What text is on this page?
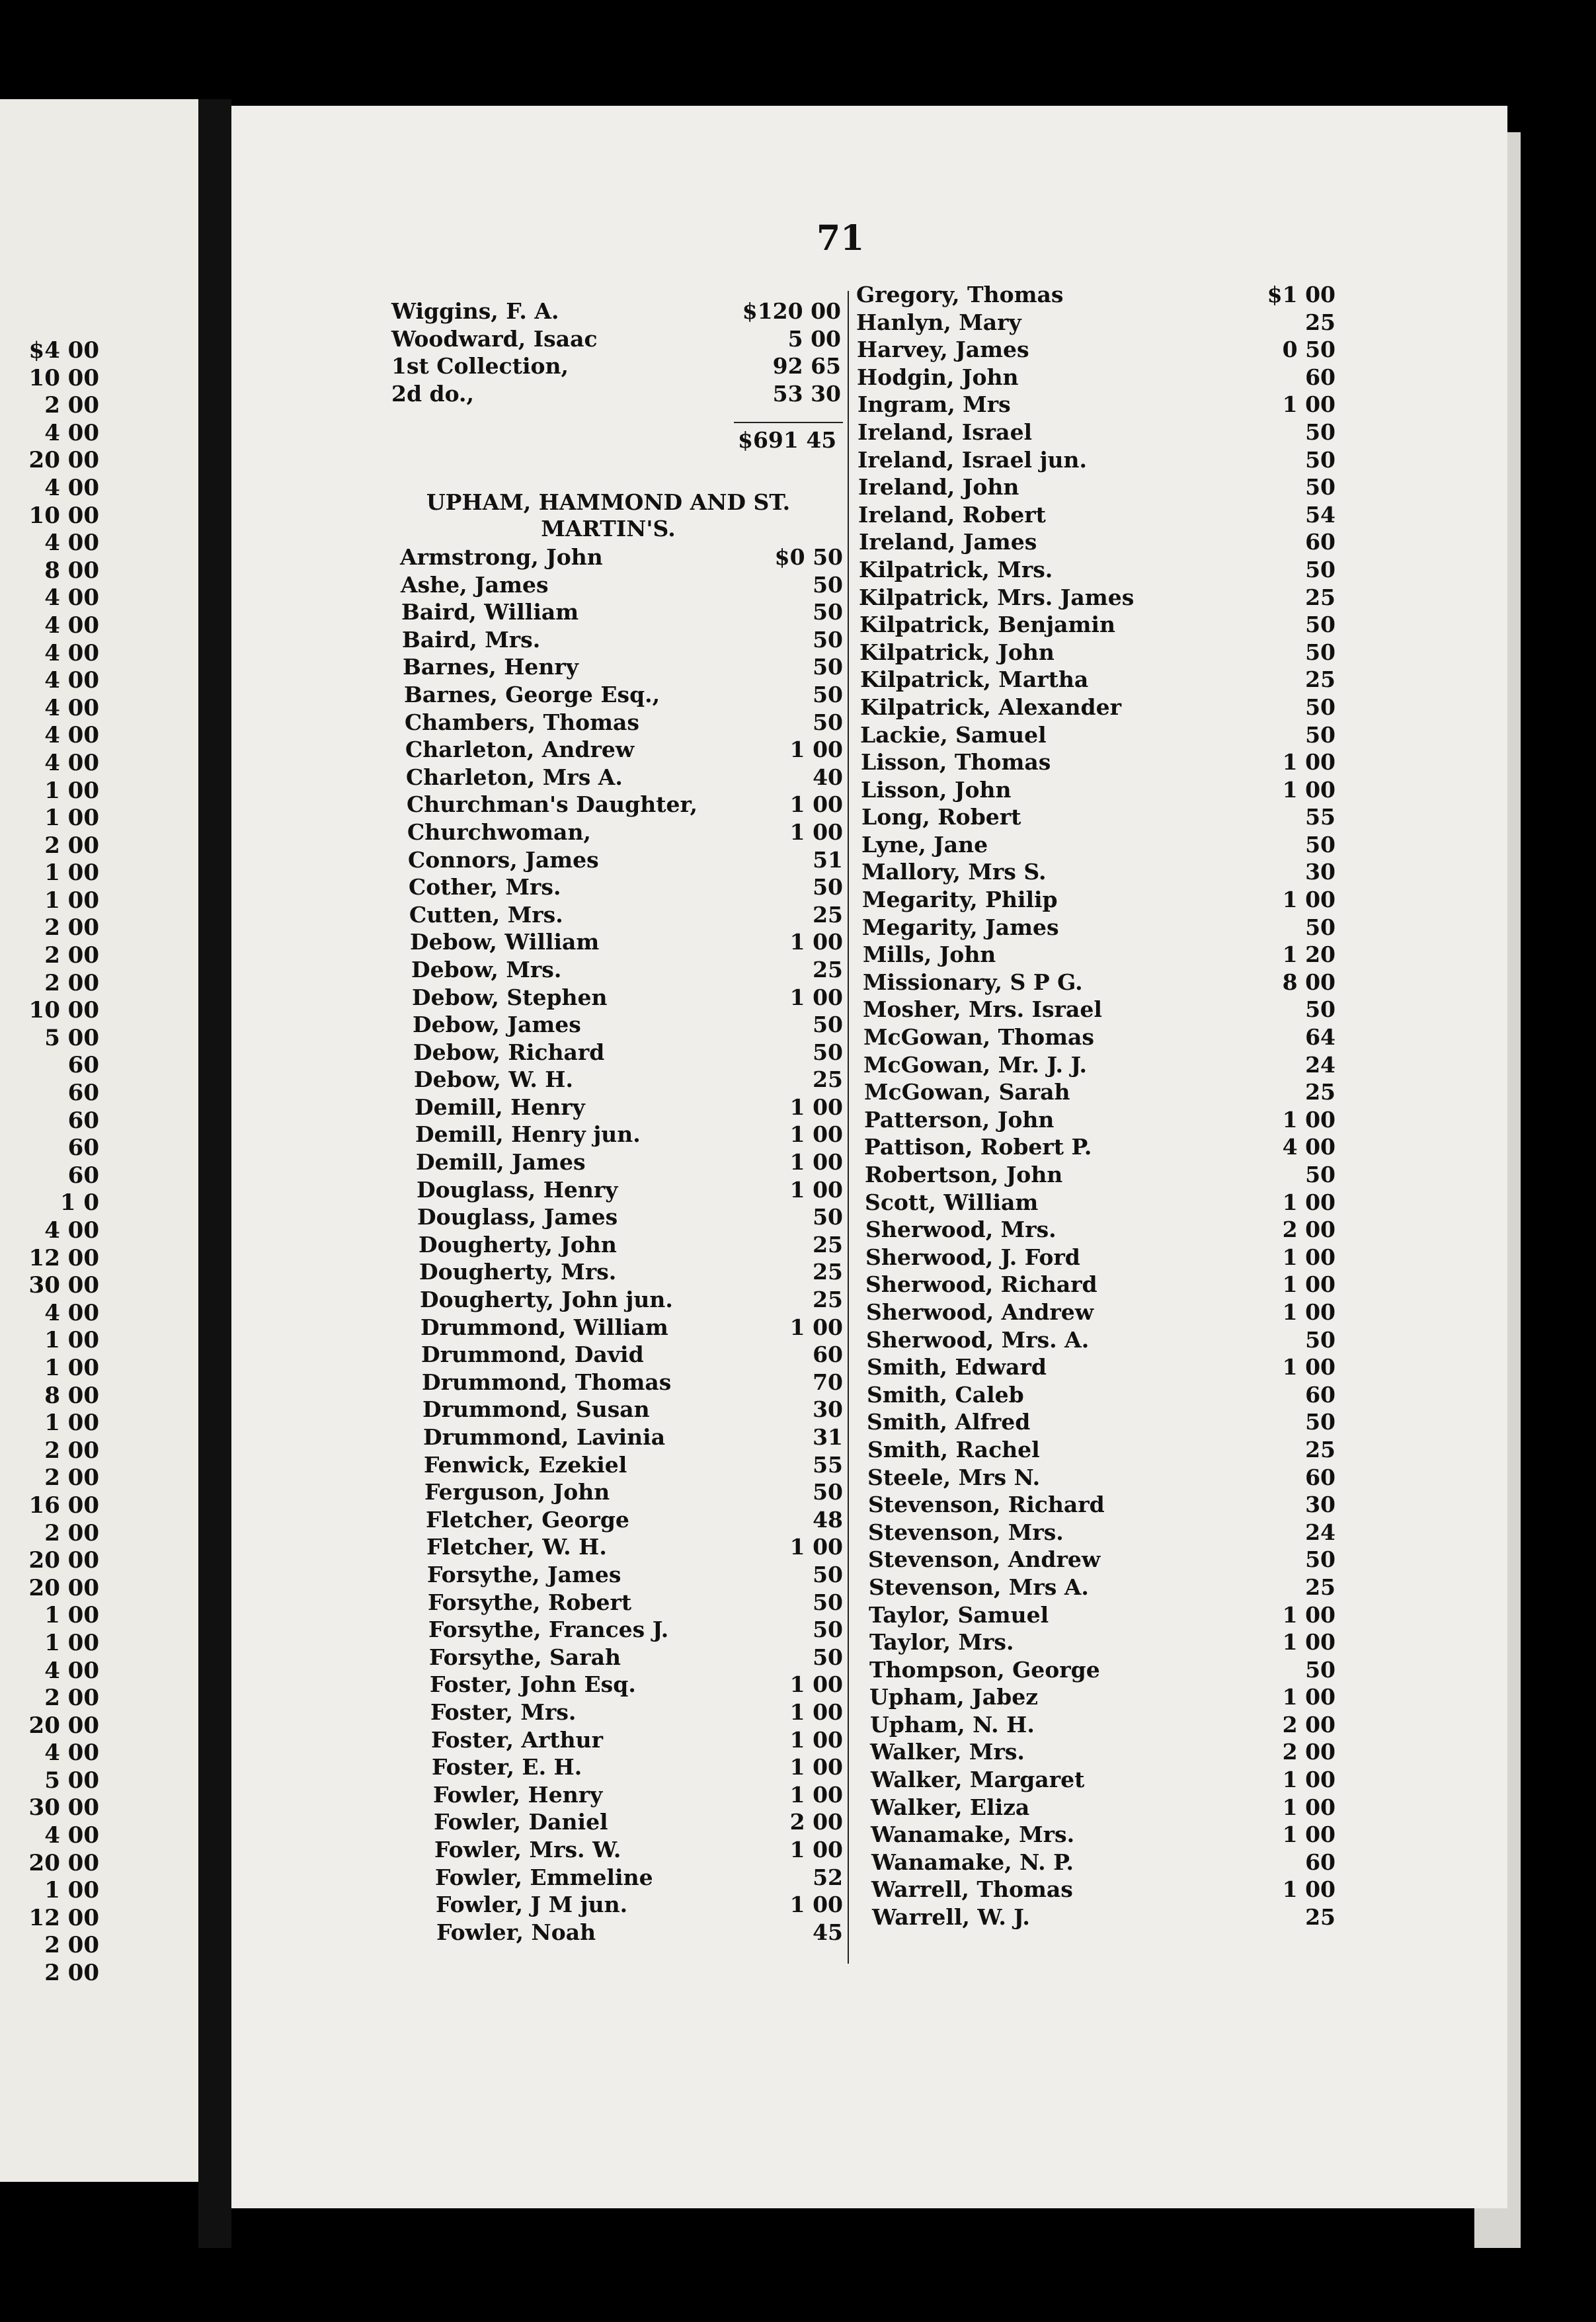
$4 00
10 00
2 00
4 00
20 00
4 00
10 00
4 00
8 00
4 00
4 00
4 00
4 00
4 00
4 00
4 00
1 00
1 00
2 00
1 00
1 00
2 00
2 00
2 00
10 00
5 00
60
60
60
60
60
1 0
4 00
12 00
30 00
4 00
1 00
1 00
8 00
1 00
2 00
2 00
16 00
2 00
20 00
20 00
1 00
1 00
4 00
2 00
20 00
4 00
5 00
30 00
4 00
20 00
1 00
12 00
2 00
2 00
71
Wiggins, F. A.	$120 00
Woodward, Isaac	5 00
1st Collection,	92 65
2d do.,	53 30
$691 45
UPHAM, HAMMOND AND ST. MARTIN'S.
Armstrong, John	$0 50
Ashe, James	50
Baird, William	50
Baird, Mrs.	50
Barnes, Henry	50
Barnes, George Esq.,	50
Chambers, Thomas	50
Charleton, Andrew	1 00
Charleton, Mrs A.	40
Churchman's Daughter,	1 00
Churchwoman,	1 00
Connors, James	51
Cother, Mrs.	50
Cutten, Mrs.	25
Debow, William	1 00
Debow, Mrs.	25
Debow, Stephen	1 00
Debow, James	50
Debow, Richard	50
Debow, W. H.	25
Demill, Henry	1 00
Demill, Henry jun.	1 00
Demill, James	1 00
Douglass, Henry	1 00
Douglass, James	50
Dougherty, John	25
Dougherty, Mrs.	25
Dougherty, John jun.	25
Drummond, William	1 00
Drummond, David	60
Drummond, Thomas	70
Drummond, Susan	30
Drummond, Lavinia	31
Fenwick, Ezekiel	55
Ferguson, John	50
Fletcher, George	48
Fletcher, W. H.	1 00
Forsythe, James	50
Forsythe, Robert	50
Forsythe, Frances J.	50
Forsythe, Sarah	50
Foster, John Esq.	1 00
Foster, Mrs.	1 00
Foster, Arthur	1 00
Foster, E. H.	1 00
Fowler, Henry	1 00
Fowler, Daniel	2 00
Fowler, Mrs. W.	1 00
Fowler, Emmeline	52
Fowler, J M jun.	1 00
Fowler, Noah	45
Gregory, Thomas	$1 00
Hanlyn, Mary	25
Harvey, James	0 50
Hodgin, John	60
Ingram, Mrs	1 00
Ireland, Israel	50
Ireland, Israel jun.	50
Ireland, John	50
Ireland, Robert	54
Ireland, James	60
Kilpatrick, Mrs.	50
Kilpatrick, Mrs. James	25
Kilpatrick, Benjamin	50
Kilpatrick, John	50
Kilpatrick, Martha	25
Kilpatrick, Alexander	50
Lackie, Samuel	50
Lisson, Thomas	1 00
Lisson, John	1 00
Long, Robert	55
Lyne, Jane	50
Mallory, Mrs S.	30
Megarity, Philip	1 00
Megarity, James	50
Mills, John	1 20
Missionary, S P G.	8 00
Mosher, Mrs. Israel	50
McGowan, Thomas	64
McGowan, Mr. J. J.	24
McGowan, Sarah	25
Patterson, John	1 00
Pattison, Robert P.	4 00
Robertson, John	50
Scott, William	1 00
Sherwood, Mrs.	2 00
Sherwood, J. Ford	1 00
Sherwood, Richard	1 00
Sherwood, Andrew	1 00
Sherwood, Mrs. A.	50
Smith, Edward	1 00
Smith, Caleb	60
Smith, Alfred	50
Smith, Rachel	25
Steele, Mrs N.	60
Stevenson, Richard	30
Stevenson, Mrs.	24
Stevenson, Andrew	50
Stevenson, Mrs A.	25
Taylor, Samuel	1 00
Taylor, Mrs.	1 00
Thompson, George	50
Upham, Jabez	1 00
Upham, N. H.	2 00
Walker, Mrs.	2 00
Walker, Margaret	1 00
Walker, Eliza	1 00
Wanamake, Mrs.	1 00
Wanamake, N. P.	60
Warrell, Thomas	1 00
Warrell, W. J.	25
